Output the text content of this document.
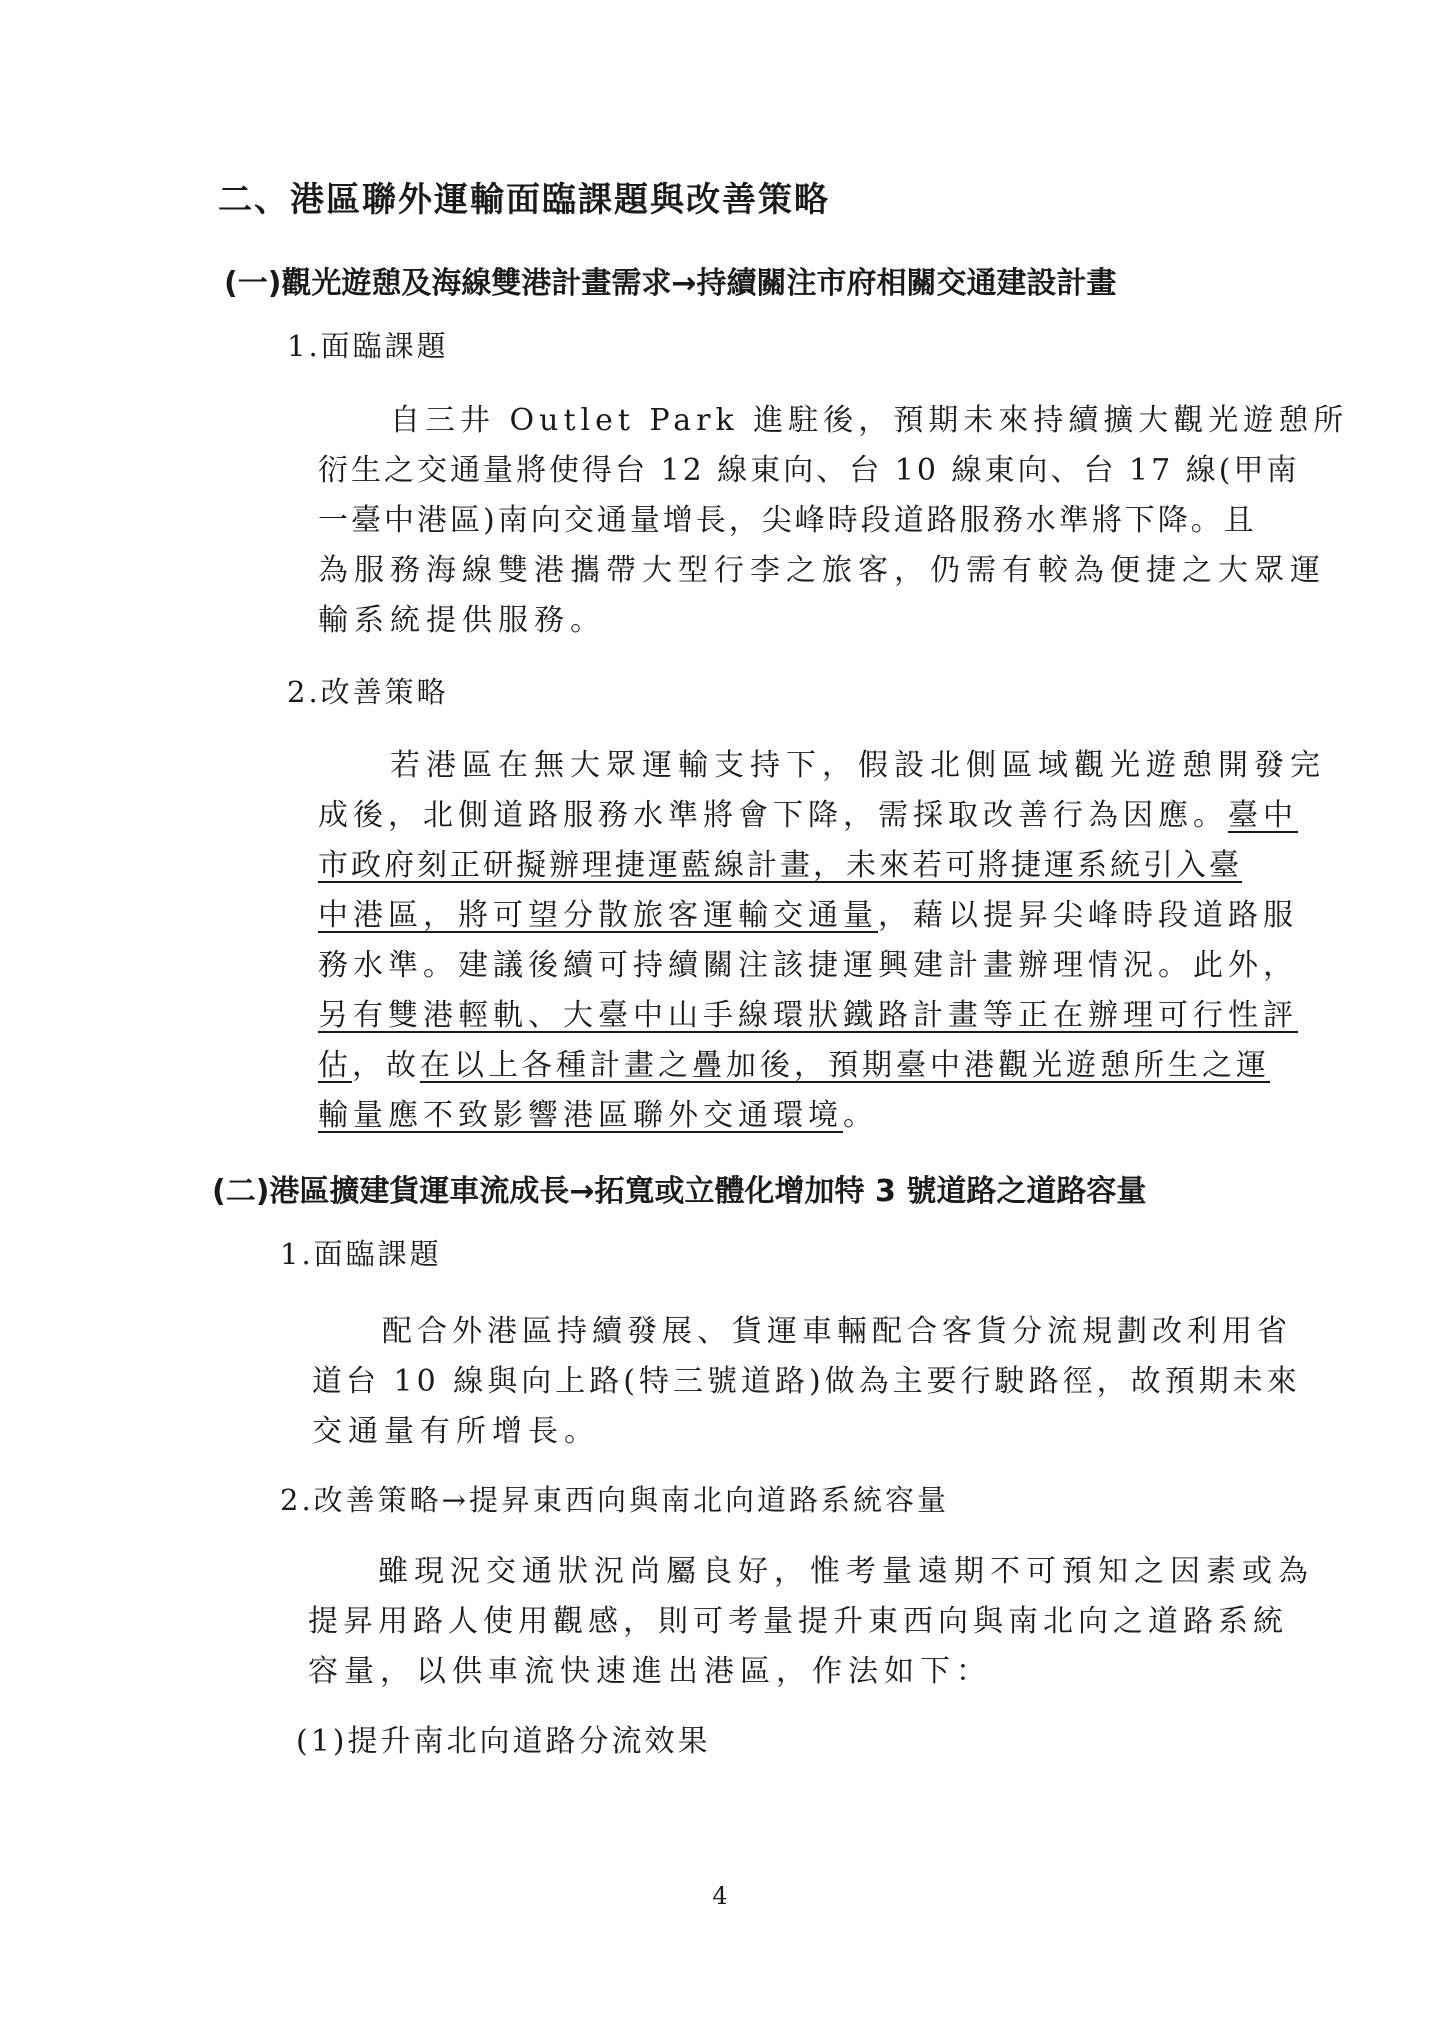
二、港區聯外運輸面臨課題與改善策略
(一)觀光遊憩及海線雙港計畫需求→持續關注市府相關交通建設計畫
1.面臨課題
自三井 Outlet Park 進駐後，預期未來持續擴大觀光遊憩所
衍生之交通量將使得台 12 線東向、台 10 線東向、台 17 線(甲南
一臺中港區)南向交通量增長，尖峰時段道路服務水準將下降。且
為服務海線雙港攜帶大型行李之旅客，仍需有較為便捷之大眾運
輸系統提供服務。
2.改善策略
若港區在無大眾運輸支持下，假設北側區域觀光遊憩開發完
成後，北側道路服務水準將會下降，需採取改善行為因應。臺中
市政府刻正研擬辦理捷運藍線計畫，未來若可將捷運系統引入臺
中港區，將可望分散旅客運輸交通量，藉以提昇尖峰時段道路服
務水準。建議後續可持續關注該捷運興建計畫辦理情況。此外，
另有雙港輕軌、大臺中山手線環狀鐵路計畫等正在辦理可行性評
估，故在以上各種計畫之疊加後，預期臺中港觀光遊憩所生之運
輸量應不致影響港區聯外交通環境。
(二)港區擴建貨運車流成長→拓寬或立體化增加特 3 號道路之道路容量
1.面臨課題
配合外港區持續發展、貨運車輛配合客貨分流規劃改利用省
道台 10 線與向上路(特三號道路)做為主要行駛路徑，故預期未來
交通量有所增長。
2.改善策略→提昇東西向與南北向道路系統容量
雖現況交通狀況尚屬良好，惟考量遠期不可預知之因素或為
提昇用路人使用觀感，則可考量提升東西向與南北向之道路系統
容量，以供車流快速進出港區，作法如下：
(1)提升南北向道路分流效果
4
